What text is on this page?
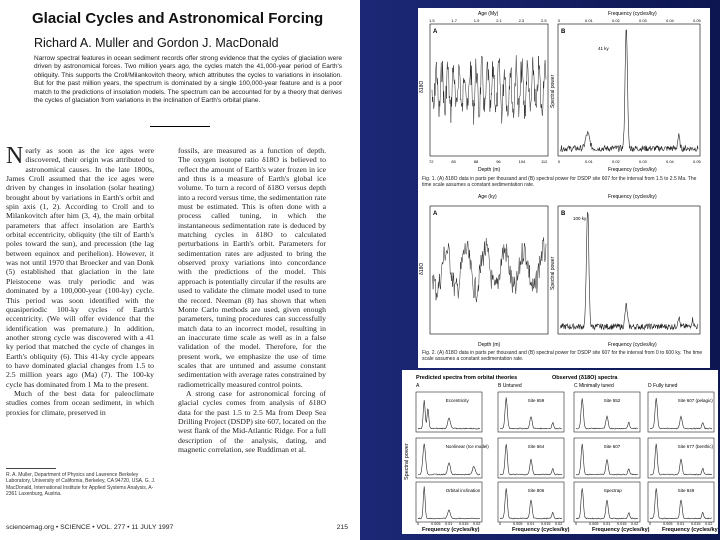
Glacial Cycles and Astronomical Forcing
Richard A. Muller and Gordon J. MacDonald
Narrow spectral features in ocean sediment records offer strong evidence that the cycles of glaciation were driven by astronomical forces. Two million years ago, the cycles match the 41,000-year period of Earth's obliquity. This supports the Croll/Milankovitch theory, which attributes the cycles to variations in insolation. But for the past million years, the spectrum is dominated by a single 100,000-year feature and is a poor match to the predictions of insolation models. The spectrum can be accounted for by a theory that derives the cycles of glaciation from variations in the inclination of Earth's orbital plane.

Nearly as soon as the ice ages were discovered, their origin was attributed to astronomical causes. In the late 1800s, James Croll assumed that the ice ages were driven by changes in insolation (solar heating) brought about by variations in Earth's orbit and spin axis (1, 2). According to Croll and to Milankovitch after him (3, 4), the main orbital parameters that affect insolation are Earth's orbital eccentricity, obliquity (the tilt of Earth's poles toward the sun), and precession (the lag between equinox and perihelion). However, it was not until 1970 that Broecker and van Donk (5) established that glaciation in the late Pleistocene was truly periodic and was dominated by a 100,000-year (100-ky) cycle. This period was soon identified with the quasiperiodic 100-ky cycles of Earth's eccentricity. (We will offer evidence that the identification was premature.) In addition, another strong cycle was discovered with a 41 ky period that matched the cycle of changes in Earth's obliquity (6). This 41-ky cycle appears to have dominated glacial changes from 1.5 to 2.5 million years ago (Ma) (7). The 100-ky cycle has dominated from 1 Ma to the present.

Much of the best data for paleoclimate studies comes from ocean sediment, in which proxies for climate, preserved in

R. A. Muller, Department of Physics and Lawrence Berkeley Laboratory, University of California, Berkeley, CA 94720, USA. G. J. MacDonald, International Institute for Applied Systems Analysis, A-2361 Laxenburg, Austria.

fossils, are measured as a function of depth. The oxygen isotope ratio δ18O is believed to reflect the amount of Earth's water frozen in ice and thus is a measure of Earth's global ice volume. To turn a record of δ18O versus depth into a record versus time, the sedimentation rate must be estimated. This is often done with a process called tuning, in which the instantaneous sedimentation rate is deduced by matching cycles in δ18O to calculated perturbations in Earth's orbit. Parameters for sedimentation rates are adjusted to bring the observed proxy variations into concordance with the predictions of the model. This approach is potentially circular if the results are used to validate the climate model used to tune the record. Neeman (8) has shown that when Monte Carlo methods are used, given enough parameters, tuning procedures can successfully match data to an incorrect model, resulting in an inaccurate time scale as well as in a false validation of the model. Therefore, for the present work, we emphasize the use of time scales that are untuned and assume constant sedimentation with average rates constrained by radiometrically measured control points.

A strong case for astronomical forcing of glacial cycles comes from analysis of δ18O data for the past 1.5 to 2.5 Ma from Deep Sea Drilling Project (DSDP) site 607, located on the west flank of the Mid-Atlantic Ridge. For a full description of the analysis, dating, and magnetic correlation, see Ruddiman et al.

sciencemag.org • SCIENCE • VOL. 277 • 11 JULY 1997	215
Age (My)	Frequency (cycles/ky)
1.5	1.7	1.9	2.1	2.3	2.5	0	0.01	0.02	0.03	0.04	0.05
A	B
δ18O	Spectral power
41 ky
72	80	88	96	104	112	0	0.01	0.02	0.03	0.04	0.05
Depth (m)	Frequency (cycles/ky)
Fig. 1. (A) δ18O data in parts per thousand and (B) spectral power for DSDP site 607 for the interval from 1.5 to 2.5 Ma. The time scale assumes a constant sedimentation rate.
Age (ky)	Frequency (cycles/ky)
A	B
δ18O	Spectral power
100 ky
Depth (m)	Frequency (cycles/ky)
Fig. 2. (A) δ18O data in parts per thousand and (B) spectral power for DSDP site 607 for the interval from 0 to 600 ky. The time scale assumes a constant sedimentation rate.
Predicted spectra from orbital theories	Observed (δ18O) spectra
Spectral power
Frequency (cycles/ky)	Frequency (cycles/ky)	Frequency (cycles/ky) Frequency (cycles/ky)
A	B Untuned	C Minimally tuned	D Fully tuned
Eccentricity
Nonlinear (Ice model)
Orbital inclination
0	0.005 0.01 0.015 0.02
Site 659
Site 664
Site 806
0	0.005 0.01 0.015 0.02
Site 552
Site 607
Spectrap
0	0.005 0.01 0.015 0.02
Site 607 (pelagic)
Site 677 (benthic)
Site 849
0	0.005 0.01 0.015 0.02
